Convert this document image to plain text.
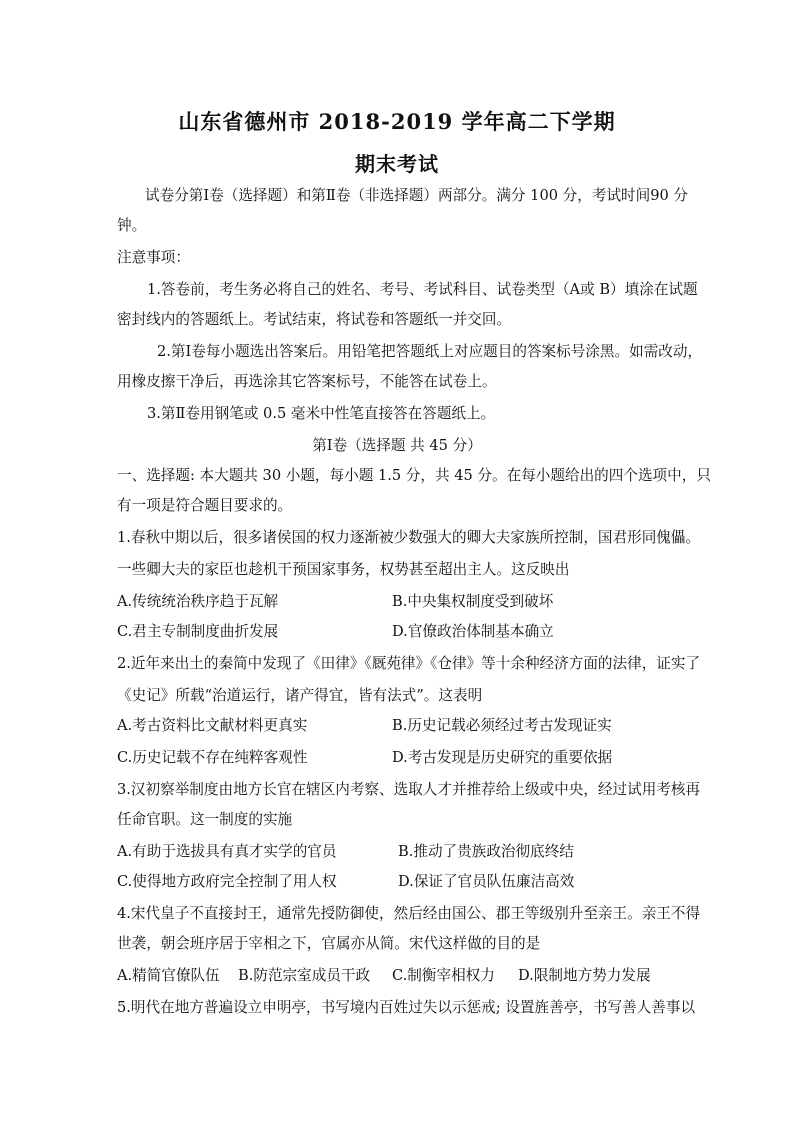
山东省德州市 2018-2019 学年高二下学期
期末考试
试卷分第Ⅰ卷（选择题）和第Ⅱ卷（非选择题）两部分。满分 100 分，考试时间90 分
钟。
注意事项：
1.答卷前，考生务必将自己的姓名、考号、考试科目、试卷类型（A或 B）填涂在试题
密封线内的答题纸上。考试结束，将试卷和答题纸一并交回。
2.第Ⅰ卷每小题选出答案后。用铅笔把答题纸上对应题目的答案标号涂黑。如需改动，
用橡皮擦干净后，再选涂其它答案标号，不能答在试卷上。
3.第Ⅱ卷用钢笔或 0.5 毫米中性笔直接答在答题纸上。
第Ⅰ卷（选择题 共 45 分）
一、选择题: 本大题共 30 小题，每小题 1.5 分，共 45 分。在每小题给出的四个选项中，只
有一项是符合题目要求的。
1.春秋中期以后，很多诸侯国的权力逐渐被少数强大的卿大夫家族所控制，国君形同傀儡。
一些卿大夫的家臣也趁机干预国家事务，权势甚至超出主人。这反映出
A.传统统治秩序趋于瓦解	B.中央集权制度受到破坏
C.君主专制制度曲折发展	D.官僚政治体制基本确立
2.近年来出土的秦简中发现了《田律》《厩苑律》《仓律》等十余种经济方面的法律，证实了
《史记》所载“治道运行，诸产得宜，皆有法式”。这表明
A.考古资料比文献材料更真实	B.历史记载必须经过考古发现证实
C.历史记载不存在纯粹客观性	D.考古发现是历史研究的重要依据
3.汉初察举制度由地方长官在辖区内考察、选取人才并推荐给上级或中央，经过试用考核再
任命官职。这一制度的实施
A.有助于选拔具有真才实学的官员	B.推动了贵族政治彻底终结
C.使得地方政府完全控制了用人权	D.保证了官员队伍廉洁高效
4.宋代皇子不直接封王，通常先授防御使，然后经由国公、郡王等级别升至亲王。亲王不得
世袭，朝会班序居于宰相之下，官属亦从简。宋代这样做的目的是
A.精简官僚队伍 B.防范宗室成员干政 C.制衡宰相权力 D.限制地方势力发展
5.明代在地方普遍设立申明亭，书写境内百姓过失以示惩戒; 设置旌善亭，书写善人善事以
